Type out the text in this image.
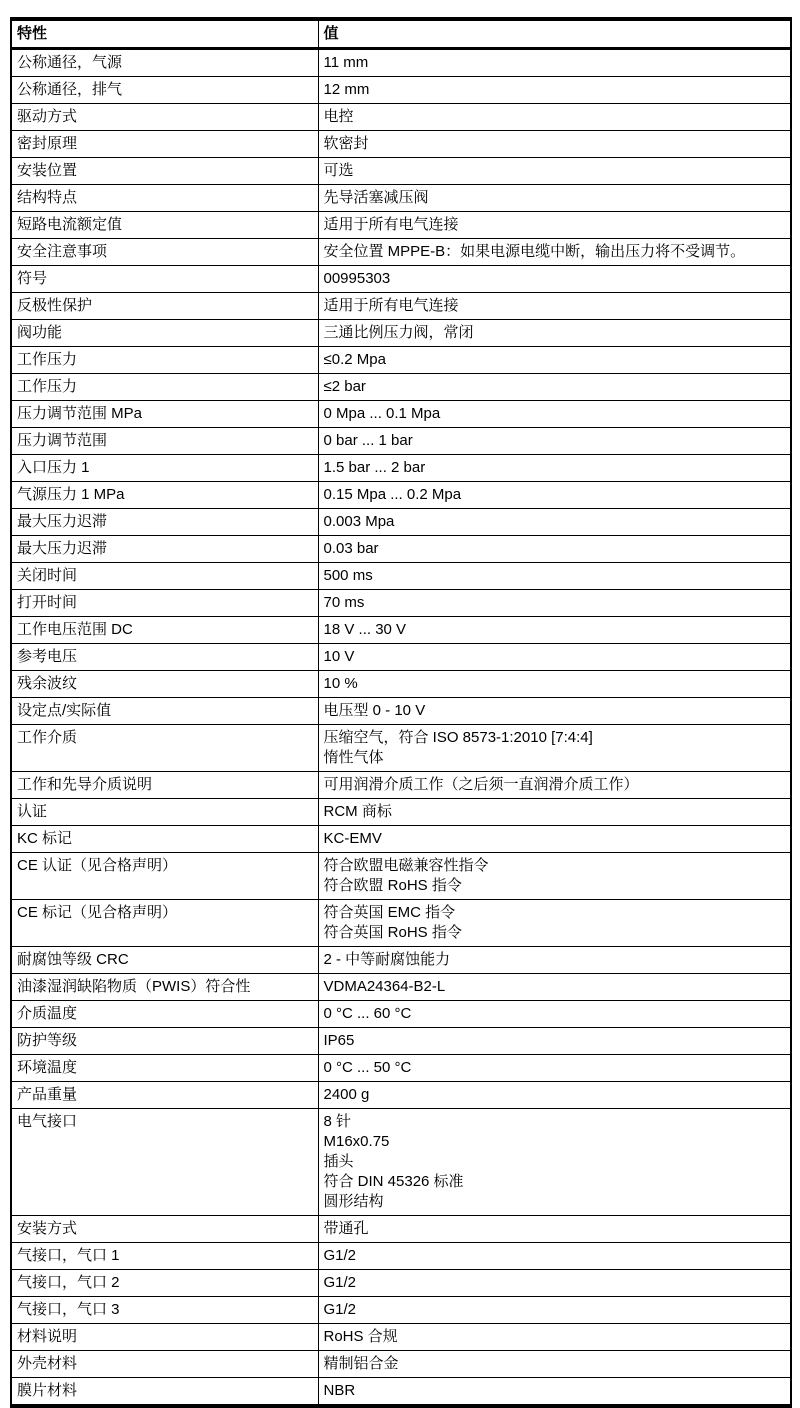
特性	值
公称通径，气源	11 mm

公称通径，排气	12 mm

驱动方式	电控

密封原理	软密封

安装位置	可选

结构特点	先导活塞减压阀

短路电流额定值	适用于所有电气连接

安全注意事项	安全位置 MPPE-B：如果电源电缆中断，输出压力将不受调节。

符号	00995303

反极性保护	适用于所有电气连接

阀功能	三通比例压力阀，常闭

工作压力	≤0.2 Mpa

工作压力	≤2 bar

压力调节范围 MPa	0 Mpa ... 0.1 Mpa

压力调节范围	0 bar ... 1 bar

入口压力 1	1.5 bar ... 2 bar

气源压力 1 MPa	0.15 Mpa ... 0.2 Mpa

最大压力迟滞	0.003 Mpa

最大压力迟滞	0.03 bar

关闭时间	500 ms

打开时间	70 ms

工作电压范围 DC	18 V ... 30 V

参考电压	10 V

残余波纹	10 %

设定点/实际值	电压型 0 - 10 V

工作介质	压缩空气，符合 ISO 8573-1:2010 [7:4:4]
惰性气体

工作和先导介质说明	可用润滑介质工作（之后须一直润滑介质工作）

认证	RCM 商标

KC 标记	KC-EMV

CE 认证（见合格声明）	符合欧盟电磁兼容性指令
符合欧盟 RoHS 指令

CE 标记（见合格声明）	符合英国 EMC 指令
符合英国 RoHS 指令

耐腐蚀等级 CRC	2 - 中等耐腐蚀能力

油漆湿润缺陷物质（PWIS）符合性	VDMA24364-B2-L

介质温度	0 °C ... 60 °C

防护等级	IP65

环境温度	0 °C ... 50 °C

产品重量	2400 g

电气接口	8 针
M16x0.75
插头
符合 DIN 45326 标准
圆形结构

安装方式	带通孔

气接口，气口 1	G1/2

气接口，气口 2	G1/2

气接口，气口 3	G1/2

材料说明	RoHS 合规

外壳材料	精制铝合金

膜片材料	NBR
